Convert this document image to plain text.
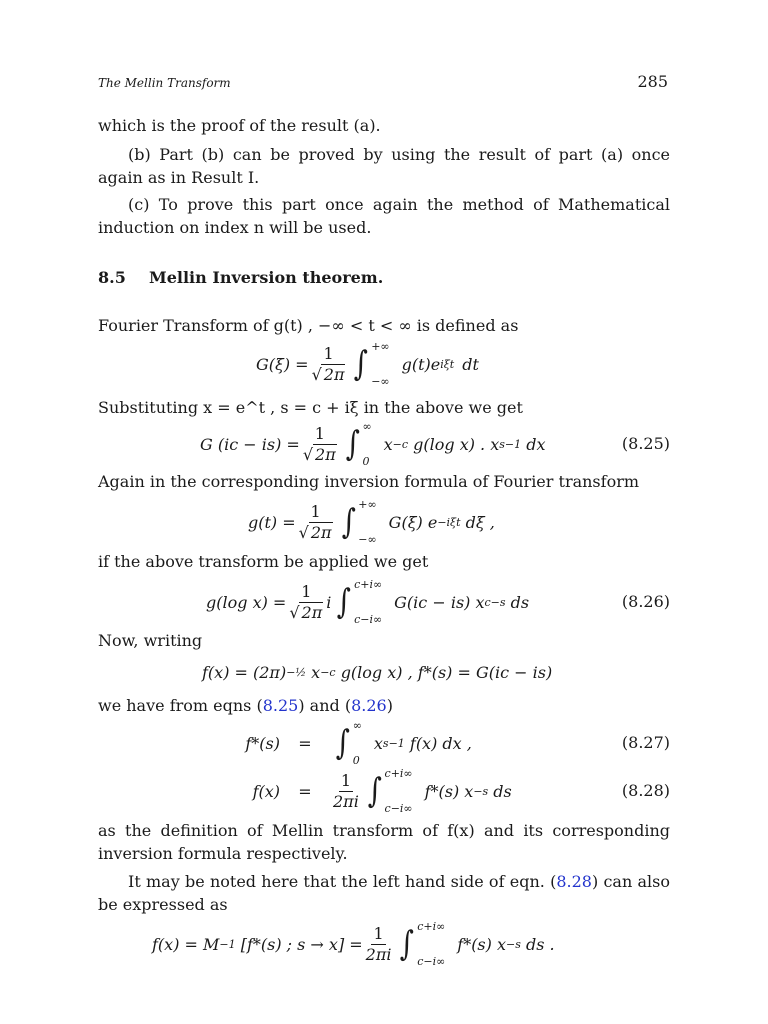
The Mellin Transform	285
which is the proof of the result (a).
(b) Part (b) can be proved by using the result of part (a) once again as in Result I.
(c) To prove this part once again the method of Mathematical induction on index n will be used.
8.5 Mellin Inversion theorem.
Fourier Transform of g(t) , −∞ < t < ∞ is defined as
$G(\xi) = \frac{1}{√ 2\pi}$ ∫ +∞
−∞
g(t)e iξt dt
Substituting x = e^t , s = c + iξ in the above we get
G $(ic - is) = \frac{1}{√ 2\pi}$ ∫ ∞
0
x −c
g(log x) . x s−1
dx	(8.25)
Again in the corresponding inversion formula of Fourier transform
$g(t) = \frac{1}{√ 2\pi}$ ∫ +∞
−∞
G(ξ) e −iξt
dξ ,
if the above transform be applied we get
g(log $x) = \frac{1}{√ 2\pi}$ i ∫ c+i∞
c−i∞
G(ic − is) x c−s
ds	(8.26)
Now, writing
f(x) = (2π) −½
x −c
g(log x) , f*(s) = G(ic − is)
we have from eqns (8.25) and (8.26)
f*(s)	= ∫ ∞
0
x s−1
f(x) dx ,	(8.27)
f(x)	=	$\frac{1}{2\pi i}$ ∫ c+i∞
c−i∞
f*(s) x −s
ds	(8.28)
as the definition of Mellin transform of f(x) and its corresponding inversion formula respectively.
It may be noted here that the left hand side of eqn. (8.28) can also be expressed as
f(x) = M −1
[f*(s) ; $s \to x] = \frac{1}{2\pi i}$ ∫ c+i∞
c−i∞
f*(s) x −s
ds .
